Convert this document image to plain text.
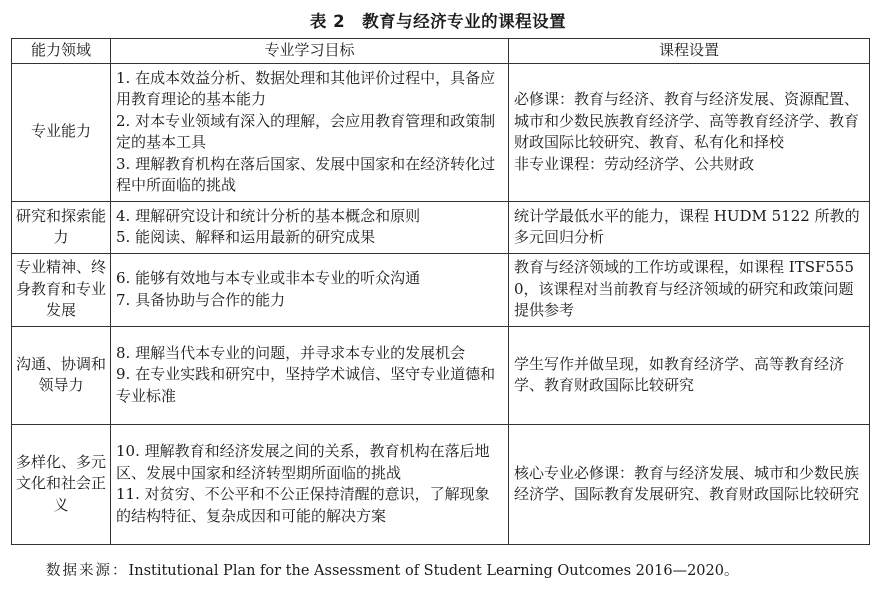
表 2　教育与经济专业的课程设置
能力领域	专业学习目标	课程设置
专业能力	1. 在成本效益分析、数据处理和其他评价过程中，具备应用教育理论的基本能力
2. 对本专业领域有深入的理解，会应用教育管理和政策制定的基本工具
3. 理解教育机构在落后国家、发展中国家和在经济转化过程中所面临的挑战	必修课：教育与经济、教育与经济发展、资源配置、城市和少数民族教育经济学、高等教育经济学、教育财政国际比较研究、教育、私有化和择校
非专业课程：劳动经济学、公共财政

研究和探索能力	4. 理解研究设计和统计分析的基本概念和原则
5. 能阅读、解释和运用最新的研究成果	统计学最低水平的能力，课程 HUDM 5122 所教的多元回归分析

专业精神、终身教育和专业发展	6. 能够有效地与本专业或非本专业的听众沟通
7. 具备协助与合作的能力	教育与经济领域的工作坊或课程，如课程 ITSF5550，该课程对当前教育与经济领域的研究和政策问题提供参考

沟通、协调和领导力	8. 理解当代本专业的问题，并寻求本专业的发展机会
9. 在专业实践和研究中，坚持学术诚信、坚守专业道德和专业标准	学生写作并做呈现，如教育经济学、高等教育经济学、教育财政国际比较研究

多样化、多元文化和社会正义	10. 理解教育和经济发展之间的关系，教育机构在落后地区、发展中国家和经济转型期所面临的挑战
11. 对贫穷、不公平和不公正保持清醒的意识，了解现象的结构特征、复杂成因和可能的解决方案	核心专业必修课：教育与经济发展、城市和少数民族经济学、国际教育发展研究、教育财政国际比较研究
数据来源：Institutional Plan for the Assessment of Student Learning Outcomes 2016—2020。
